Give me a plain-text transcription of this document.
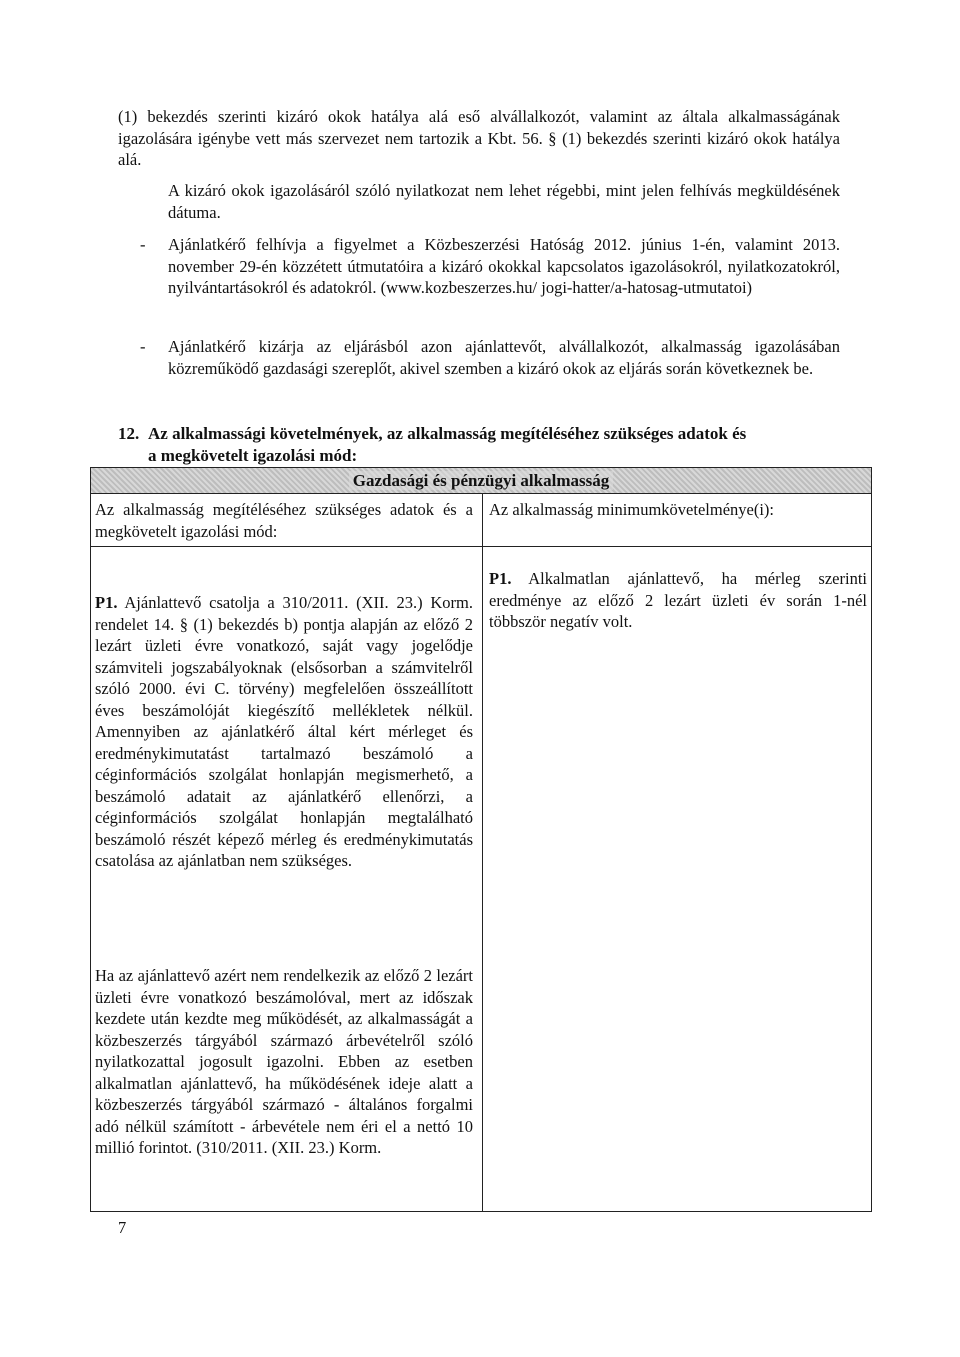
(1) bekezdés szerinti kizáró okok hatálya alá eső alvállalkozót, valamint az általa alkalmasságának igazolására igénybe vett más szervezet nem tartozik a Kbt. 56. § (1) bekezdés szerinti kizáró okok hatálya alá.
A kizáró okok igazolásáról szóló nyilatkozat nem lehet régebbi, mint jelen felhívás megküldésének dátuma.
-	Ajánlatkérő felhívja a figyelmet a Közbeszerzési Hatóság 2012. június 1-én, valamint 2013. november 29-én közzétett útmutatóira a kizáró okokkal kapcsolatos igazolásokról, nyilatkozatokról, nyilvántartásokról és adatokról. (www.kozbeszerzes.hu/ jogi-hatter/a-hatosag-utmutatoi)
-	Ajánlatkérő kizárja az eljárásból azon ajánlattevőt, alvállalkozót, alkalmasság igazolásában közreműködő gazdasági szereplőt, akivel szemben a kizáró okok az eljárás során következnek be.
12. Az alkalmassági követelmények, az alkalmasság megítéléséhez szükséges adatok és
a megkövetelt igazolási mód:
Gazdasági és pénzügyi alkalmasság
Az alkalmasság megítéléséhez szükséges adatok és a megkövetelt igazolási mód:
Az alkalmasság minimumkövetelménye(i):
P1. Ajánlattevő csatolja a 310/2011. (XII. 23.) Korm. rendelet 14. § (1) bekezdés b) pontja alapján az előző 2 lezárt üzleti évre vonatkozó, saját vagy jogelődje számviteli jogszabályoknak (elsősorban a számvitelről szóló 2000. évi C. törvény) megfelelően összeállított éves beszámolóját kiegészítő mellékletek nélkül. Amennyiben az ajánlatkérő által kért mérleget és eredménykimutatást tartalmazó beszámoló a céginformációs szolgálat honlapján megismerhető, a beszámoló adatait az ajánlatkérő ellenőrzi, a céginformációs szolgálat honlapján megtalálható beszámoló részét képező mérleg és eredménykimutatás csatolása az ajánlatban nem szükséges.
Ha az ajánlattevő azért nem rendelkezik az előző 2 lezárt üzleti évre vonatkozó beszámolóval, mert az időszak kezdete után kezdte meg működését, az alkalmasságát a közbeszerzés tárgyából származó árbevételről szóló nyilatkozattal jogosult igazolni. Ebben az esetben alkalmatlan ajánlattevő, ha működésének ideje alatt a közbeszerzés tárgyából származó - általános forgalmi adó nélkül számított - árbevétele nem éri el a nettó 10 millió forintot. (310/2011. (XII. 23.) Korm.
P1. Alkalmatlan ajánlattevő, ha mérleg szerinti eredménye az előző 2 lezárt üzleti év során 1-nél többször negatív volt.
7
